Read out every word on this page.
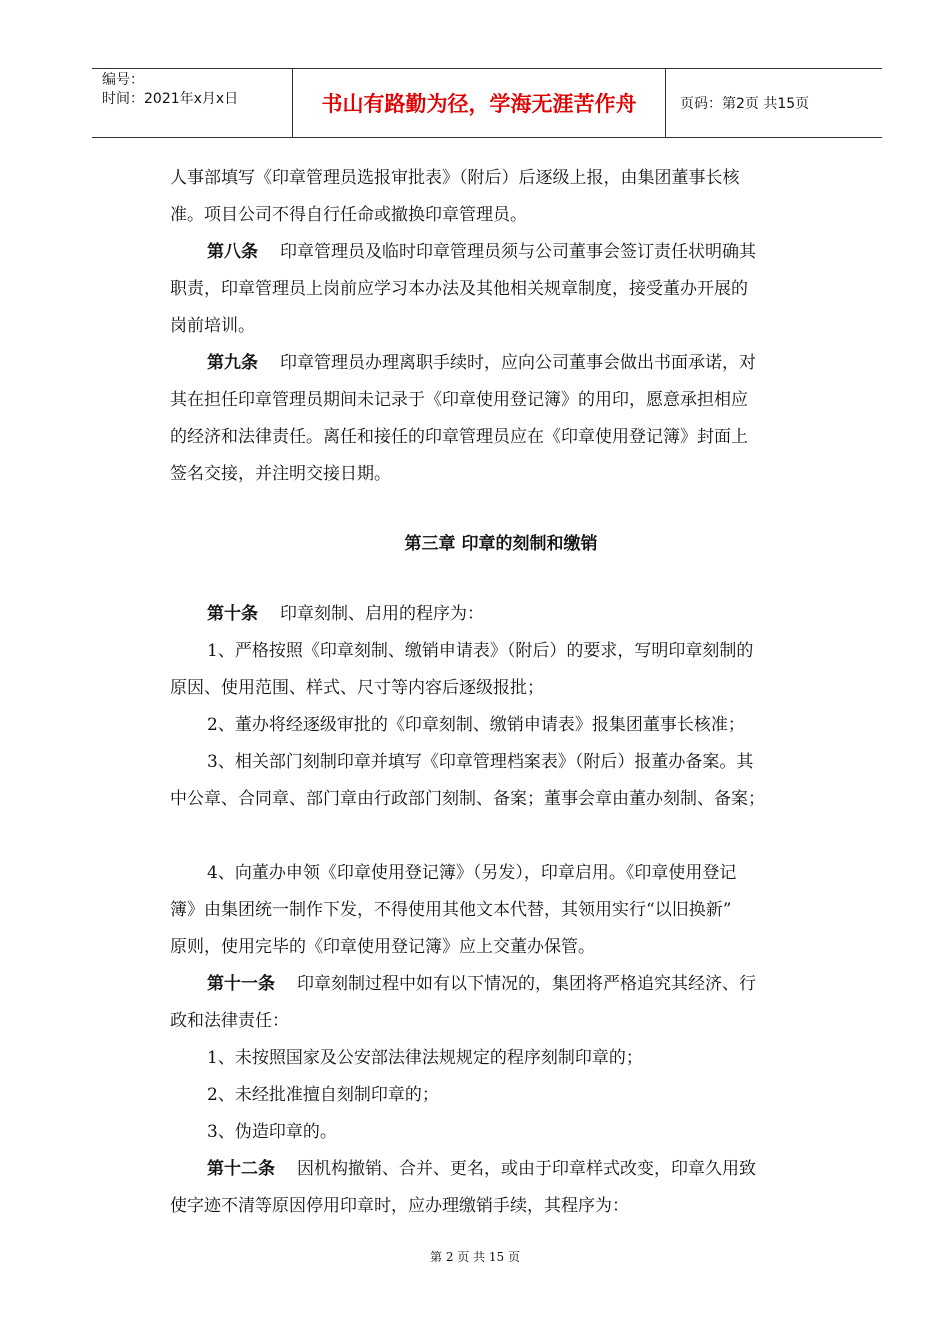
编号：
时间：2021年x月x日	书山有路勤为径，学海无涯苦作舟	页码：第2页 共15页
人事部填写《印章管理员选报审批表》（附后）后逐级上报，由集团董事长核
准。项目公司不得自行任命或撤换印章管理员。
第八条 印章管理员及临时印章管理员须与公司董事会签订责任状明确其
职责，印章管理员上岗前应学习本办法及其他相关规章制度，接受董办开展的
岗前培训。
第九条 印章管理员办理离职手续时，应向公司董事会做出书面承诺，对
其在担任印章管理员期间未记录于《印章使用登记簿》的用印，愿意承担相应
的经济和法律责任。离任和接任的印章管理员应在《印章使用登记簿》封面上
签名交接，并注明交接日期。
第三章 印章的刻制和缴销
第十条 印章刻制、启用的程序为：
1、严格按照《印章刻制、缴销申请表》（附后）的要求，写明印章刻制的
原因、使用范围、样式、尺寸等内容后逐级报批；
2、董办将经逐级审批的《印章刻制、缴销申请表》报集团董事长核准；
3、相关部门刻制印章并填写《印章管理档案表》（附后）报董办备案。其
中公章、合同章、部门章由行政部门刻制、备案；董事会章由董办刻制、备案；
4、向董办申领《印章使用登记簿》（另发），印章启用。《印章使用登记
簿》由集团统一制作下发，不得使用其他文本代替，其领用实行“以旧换新”
原则，使用完毕的《印章使用登记簿》应上交董办保管。
第十一条 印章刻制过程中如有以下情况的，集团将严格追究其经济、行
政和法律责任：
1、未按照国家及公安部法律法规规定的程序刻制印章的；
2、未经批准擅自刻制印章的；
3、伪造印章的。
第十二条 因机构撤销、合并、更名，或由于印章样式改变，印章久用致
使字迹不清等原因停用印章时，应办理缴销手续，其程序为：
第 2 页 共 15 页
